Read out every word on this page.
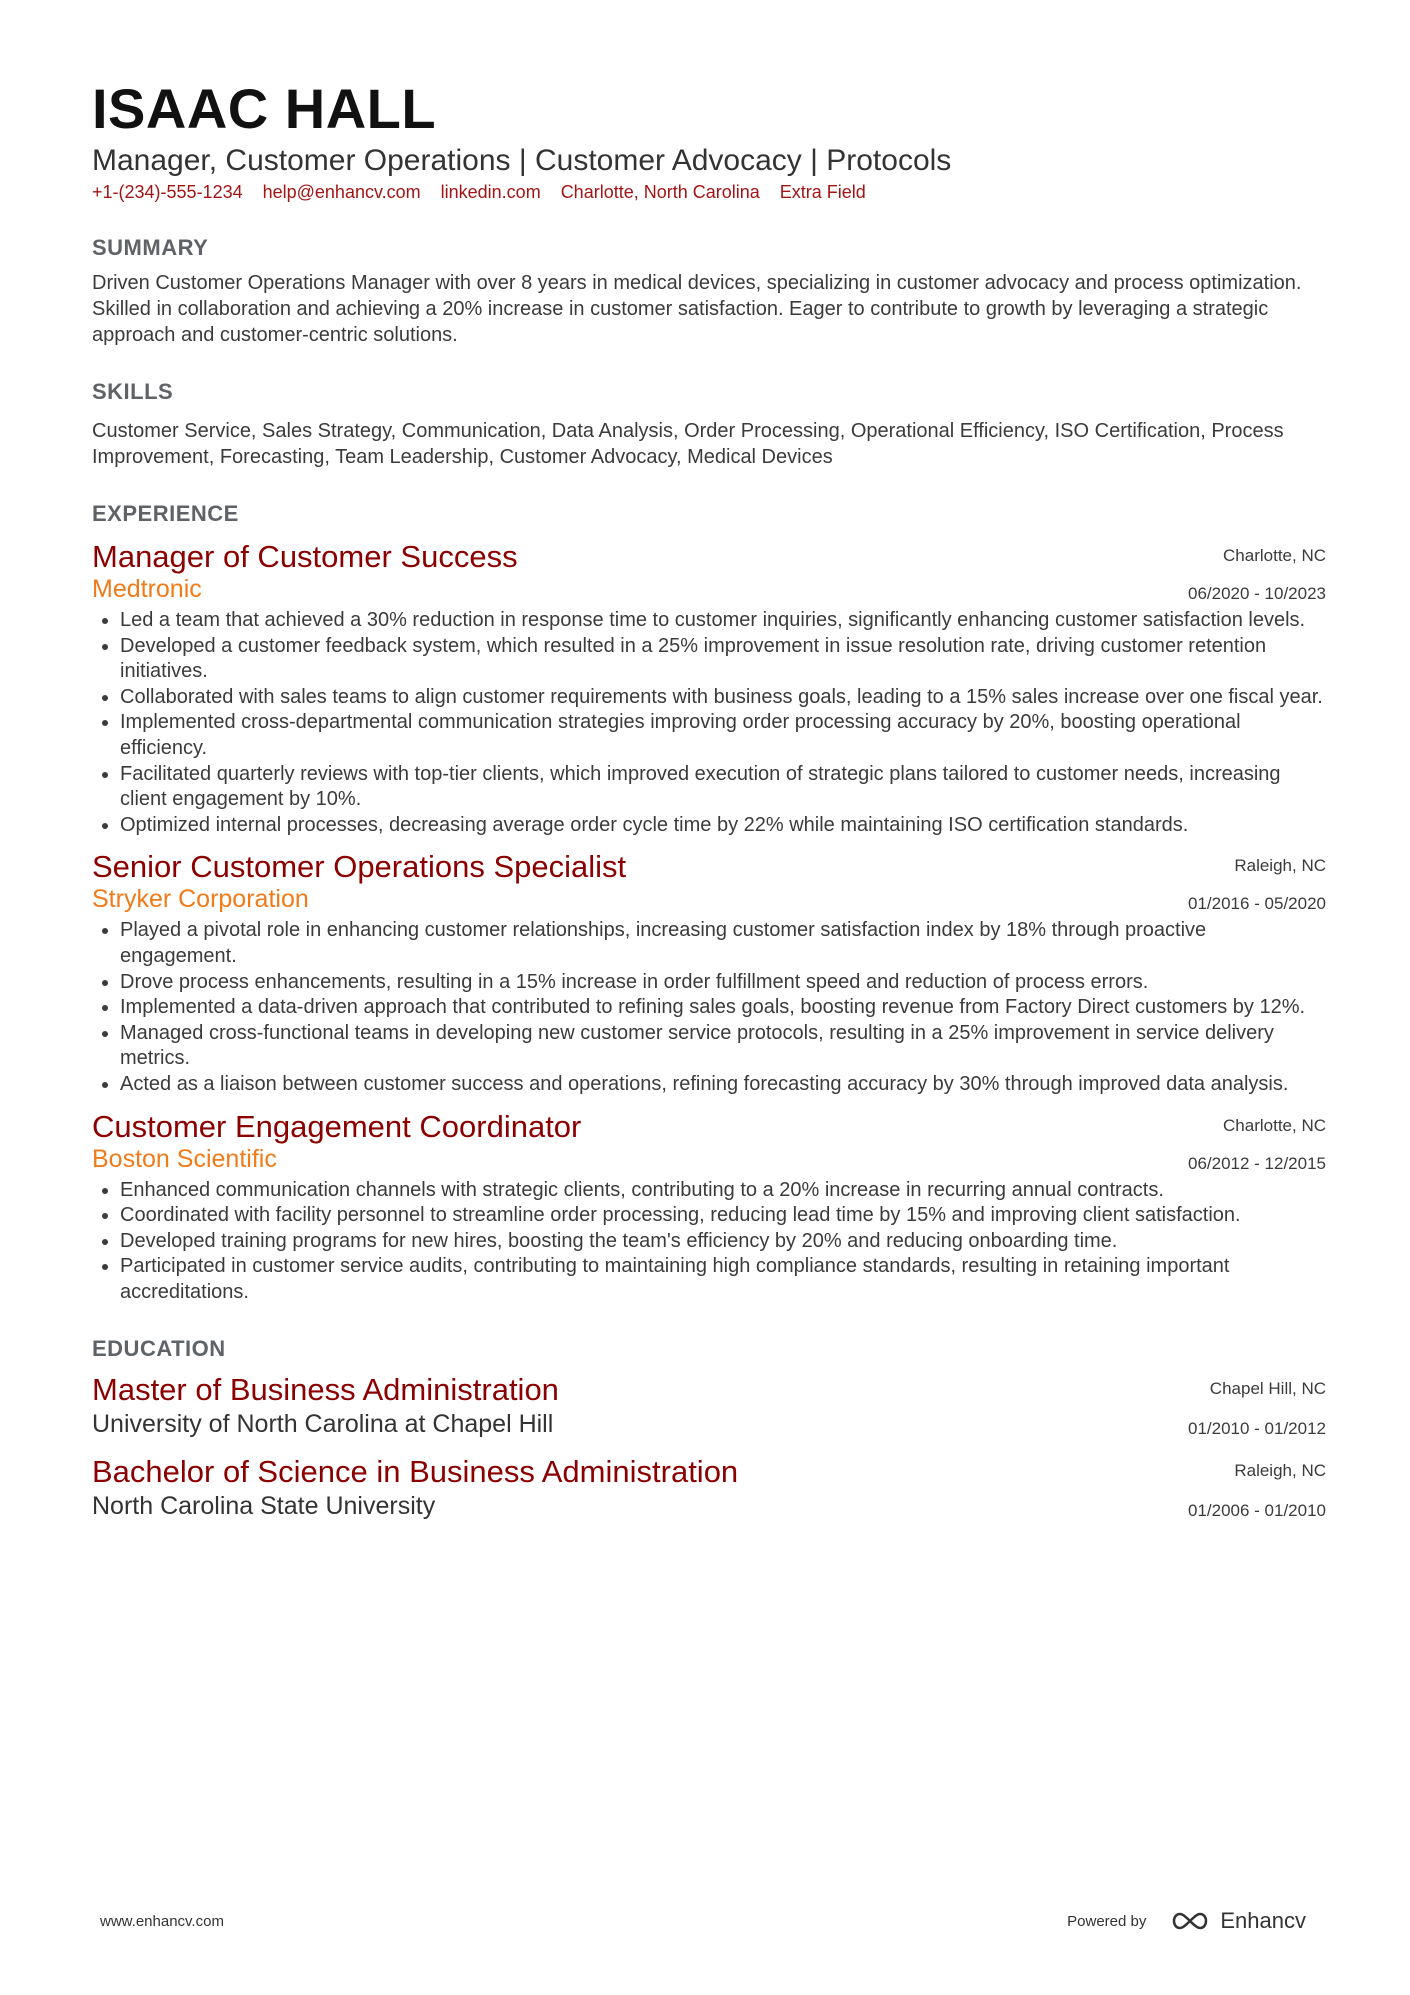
ISAAC HALL
Manager, Customer Operations | Customer Advocacy | Protocols
+1-(234)-555-1234 help@enhancv.com linkedin.com Charlotte, North Carolina Extra Field
SUMMARY
Driven Customer Operations Manager with over 8 years in medical devices, specializing in customer advocacy and process optimization. Skilled in collaboration and achieving a 20% increase in customer satisfaction. Eager to contribute to growth by leveraging a strategic approach and customer-centric solutions.
SKILLS
Customer Service, Sales Strategy, Communication, Data Analysis, Order Processing, Operational Efficiency, ISO Certification, Process Improvement, Forecasting, Team Leadership, Customer Advocacy, Medical Devices
EXPERIENCE
Manager of Customer Success	Charlotte, NC
Medtronic	06/2020 - 10/2023
• Led a team that achieved a 30% reduction in response time to customer inquiries, significantly enhancing customer satisfaction levels.
• Developed a customer feedback system, which resulted in a 25% improvement in issue resolution rate, driving customer retention initiatives.
• Collaborated with sales teams to align customer requirements with business goals, leading to a 15% sales increase over one fiscal year.
• Implemented cross-departmental communication strategies improving order processing accuracy by 20%, boosting operational efficiency.
• Facilitated quarterly reviews with top-tier clients, which improved execution of strategic plans tailored to customer needs, increasing client engagement by 10%.
• Optimized internal processes, decreasing average order cycle time by 22% while maintaining ISO certification standards.
Senior Customer Operations Specialist	Raleigh, NC
Stryker Corporation	01/2016 - 05/2020
• Played a pivotal role in enhancing customer relationships, increasing customer satisfaction index by 18% through proactive engagement.
• Drove process enhancements, resulting in a 15% increase in order fulfillment speed and reduction of process errors.
• Implemented a data-driven approach that contributed to refining sales goals, boosting revenue from Factory Direct customers by 12%.
• Managed cross-functional teams in developing new customer service protocols, resulting in a 25% improvement in service delivery metrics.
• Acted as a liaison between customer success and operations, refining forecasting accuracy by 30% through improved data analysis.
Customer Engagement Coordinator	Charlotte, NC
Boston Scientific	06/2012 - 12/2015
• Enhanced communication channels with strategic clients, contributing to a 20% increase in recurring annual contracts.
• Coordinated with facility personnel to streamline order processing, reducing lead time by 15% and improving client satisfaction.
• Developed training programs for new hires, boosting the team's efficiency by 20% and reducing onboarding time.
• Participated in customer service audits, contributing to maintaining high compliance standards, resulting in retaining important accreditations.
EDUCATION
Master of Business Administration	Chapel Hill, NC
University of North Carolina at Chapel Hill	01/2010 - 01/2012
Bachelor of Science in Business Administration	Raleigh, NC
North Carolina State University	01/2006 - 01/2010
www.enhancv.com	Powered by	Enhancv
